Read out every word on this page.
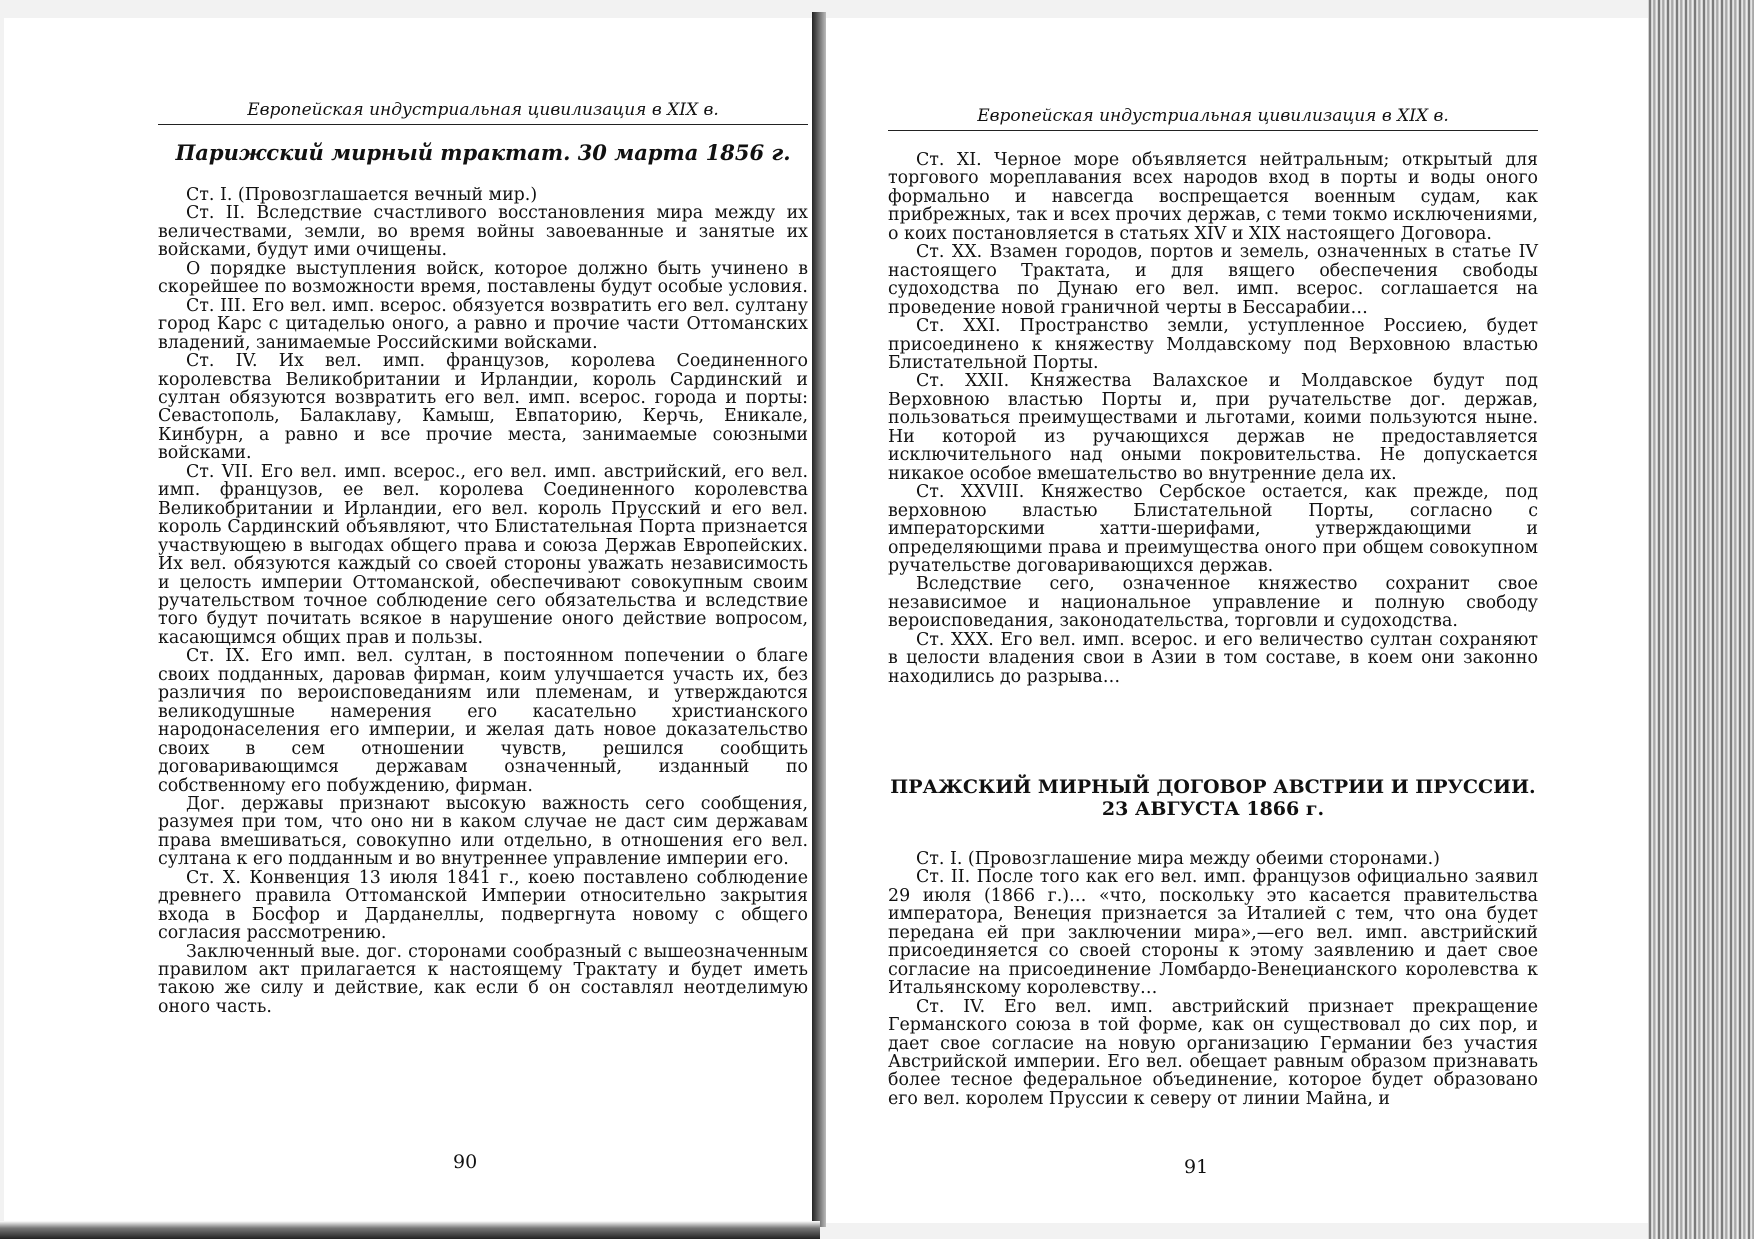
Европейская индустриальная цивилизация в XIX в.
Парижский мирный трактат. 30 марта 1856 г.

Ст. I. (Провозглашается вечный мир.)

Ст. II. Вследствие счастливого восстановления мира между их величествами, земли, во время войны завоеванные и занятые их войсками, будут ими очищены.

О порядке выступления войск, которое должно быть учинено в скорейшее по возможности время, поставлены будут особые условия.

Ст. III. Его вел. имп. всерос. обязуется возвратить его вел. султану город Карс с цитаделью оного, а равно и прочие части Оттоманских владений, занимаемые Российскими войсками.

Ст. IV. Их вел. имп. французов, королева Соединенного королевства Великобритании и Ирландии, король Сардинский и султан обязуются возвратить его вел. имп. всерос. города и порты: Севастополь, Балаклаву, Камыш, Евпаторию, Керчь, Еникале, Кинбурн, а равно и все прочие места, занимаемые союзными войсками.

Ст. VII. Его вел. имп. всерос., его вел. имп. австрийский, его вел. имп. французов, ее вел. королева Соединенного королевства Великобритании и Ирландии, его вел. король Прусский и его вел. король Сардинский объявляют, что Блистательная Порта признается участвующею в выгодах общего права и союза Держав Европейских. Их вел. обязуются каждый со своей стороны уважать независимость и целость империи Оттоманской, обеспечивают совокупным своим ручательством точное соблюдение сего обязательства и вследствие того будут почитать всякое в нарушение оного действие вопросом, касающимся общих прав и пользы.

Ст. IX. Его имп. вел. султан, в постоянном попечении о благе своих подданных, даровав фирман, коим улучшается участь их, без различия по вероисповеданиям или племенам, и утверждаются великодушные намерения его касательно христианского народонаселения его империи, и желая дать новое доказательство своих в сем отношении чувств, решился сообщить договаривающимся державам означенный, изданный по собственному его побуждению, фирман.

Дог. державы признают высокую важность сего сообщения, разумея при том, что оно ни в каком случае не даст сим державам права вмешиваться, совокупно или отдельно, в отношения его вел. султана к его подданным и во внутреннее управление империи его.

Ст. X. Конвенция 13 июля 1841 г., коею поставлено соблюдение древнего правила Оттоманской Империи относительно закрытия входа в Босфор и Дарданеллы, подвергнута новому с общего согласия рассмотрению.

Заключенный вые. дог. сторонами сообразный с вышеозначенным правилом акт прилагается к настоящему Трактату и будет иметь такою же силу и действие, как если б он составлял неотделимую оного часть.

90
Европейская индустриальная цивилизация в XIX в.

Ст. XI. Черное море объявляется нейтральным; открытый для торгового мореплавания всех народов вход в порты и воды оного формально и навсегда воспрещается военным судам, как прибрежных, так и всех прочих держав, с теми токмо исключениями, о коих постановляется в статьях XIV и XIX настоящего Договора.

Ст. XX. Взамен городов, портов и земель, означенных в статье IV настоящего Трактата, и для вящего обеспечения свободы судоходства по Дунаю его вел. имп. всерос. соглашается на проведение новой граничной черты в Бессарабии…

Ст. XXI. Пространство земли, уступленное Россиею, будет присоединено к княжеству Молдавскому под Верховною властью Блистательной Порты.

Ст. XXII. Княжества Валахское и Молдавское будут под Верховною властью Порты и, при ручательстве дог. держав, пользоваться преимуществами и льготами, коими пользуются ныне. Ни которой из ручающихся держав не предоставляется исключительного над оными покровительства. Не допускается никакое особое вмешательство во внутренние дела их.

Ст. XXVIII. Княжество Сербское остается, как прежде, под верховною властью Блистательной Порты, согласно с императорскими хатти-шерифами, утверждающими и определяющими права и преимущества оного при общем совокупном ручательстве договаривающихся держав.

Вследствие сего, означенное княжество сохранит свое независимое и национальное управление и полную свободу вероисповедания, законодательства, торговли и судоходства.

Ст. XXX. Его вел. имп. всерос. и его величество султан сохраняют в целости владения свои в Азии в том составе, в коем они законно находились до разрыва…

ПРАЖСКИЙ МИРНЫЙ ДОГОВОР АВСТРИИ И ПРУССИИ.

23 АВГУСТА 1866 г.

Ст. I. (Провозглашение мира между обеими сторонами.)

Ст. II. После того как его вел. имп. французов официально заявил 29 июля (1866 г.)… «что, поскольку это касается правительства императора, Венеция признается за Италией с тем, что она будет передана ей при заключении мира»,—его вел. имп. австрийский присоединяется со своей стороны к этому заявлению и дает свое согласие на присоединение Ломбардо-Венецианского королевства к Итальянскому королевству…

Ст. IV. Его вел. имп. австрийский признает прекращение Германского союза в той форме, как он существовал до сих пор, и дает свое согласие на новую организацию Германии без участия Австрийской империи. Его вел. обещает равным образом признавать более тесное федеральное объединение, которое будет образовано его вел. королем Пруссии к северу от линии Майна, и

91
